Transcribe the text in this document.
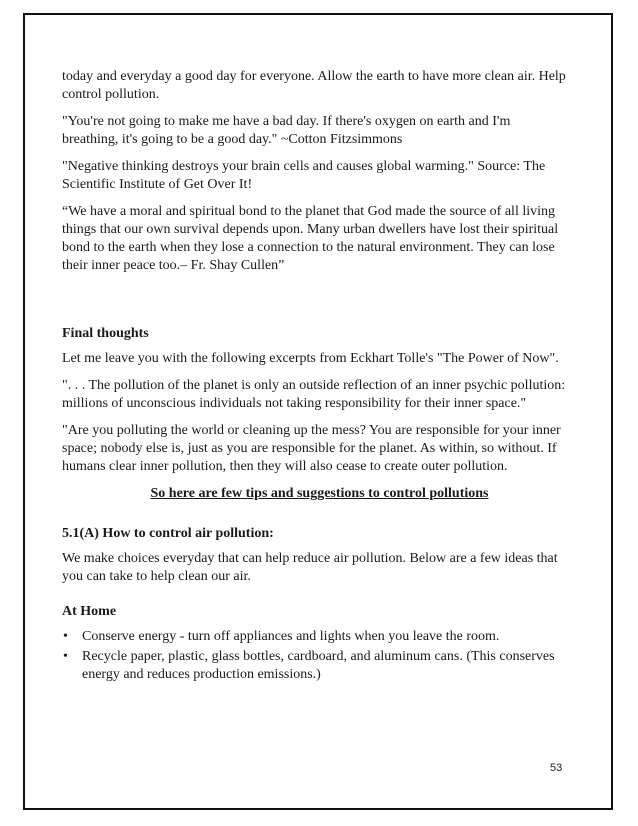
today and everyday a good day for everyone. Allow the earth to have more clean air. Help control pollution.

"You're not going to make me have a bad day. If there's oxygen on earth and I'm breathing, it's going to be a good day." ~Cotton Fitzsimmons

"Negative thinking destroys your brain cells and causes global warming." Source: The Scientific Institute of Get Over It!

“We have a moral and spiritual bond to the planet that God made the source of all living things that our own survival depends upon. Many urban dwellers have lost their spiritual bond to the earth when they lose a connection to the natural environment. They can lose their inner peace too.– Fr. Shay Cullen”

Final thoughts

Let me leave you with the following excerpts from Eckhart Tolle's "The Power of Now".

". . . The pollution of the planet is only an outside reflection of an inner psychic pollution: millions of unconscious individuals not taking responsibility for their inner space."

"Are you polluting the world or cleaning up the mess? You are responsible for your inner space; nobody else is, just as you are responsible for the planet. As within, so without. If humans clear inner pollution, then they will also cease to create outer pollution.

So here are few tips and suggestions to control pollutions

5.1(A) How to control air pollution:

We make choices everyday that can help reduce air pollution. Below are a few ideas that you can take to help clean our air.

At Home

• Conserve energy - turn off appliances and lights when you leave the room.
• Recycle paper, plastic, glass bottles, cardboard, and aluminum cans. (This conserves energy and reduces production emissions.)
53
